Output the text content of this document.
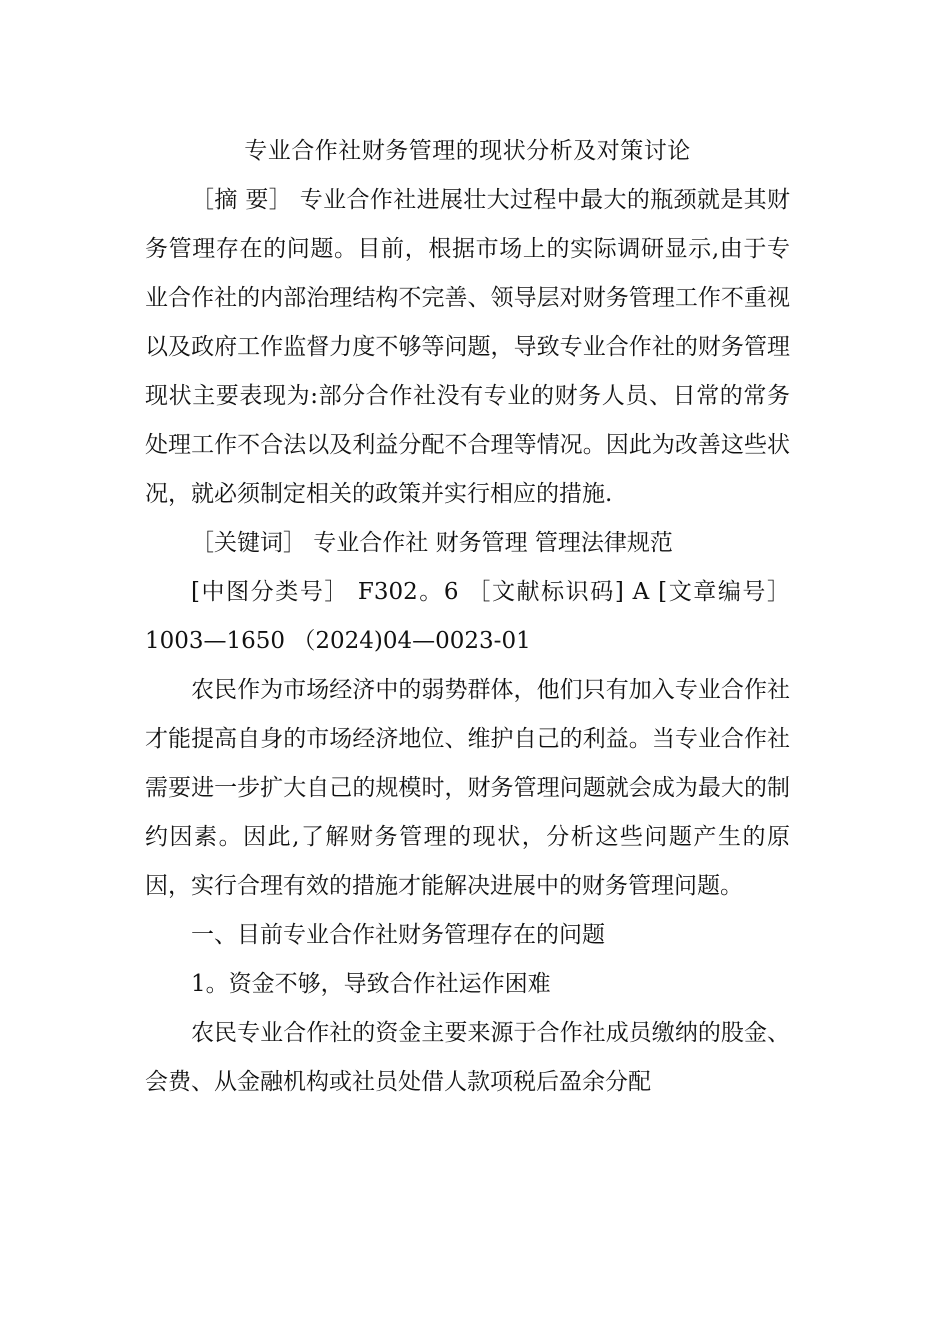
专业合作社财务管理的现状分析及对策讨论

［摘 要］ 专业合作社进展壮大过程中最大的瓶颈就是其财务管理存在的问题。目前，根据市场上的实际调研显示,由于专业合作社的内部治理结构不完善、领导层对财务管理工作不重视以及政府工作监督力度不够等问题，导致专业合作社的财务管理现状主要表现为:部分合作社没有专业的财务人员、日常的常务处理工作不合法以及利益分配不合理等情况。因此为改善这些状况，就必须制定相关的政策并实行相应的措施.

［关键词］ 专业合作社 财务管理 管理法律规范

[中图分类号］ F302。6 ［文献标识码] A [文章编号］ 1003—1650 （2024)04—0023-01

农民作为市场经济中的弱势群体，他们只有加入专业合作社才能提高自身的市场经济地位、维护自己的利益。当专业合作社需要进一步扩大自己的规模时，财务管理问题就会成为最大的制约因素。因此,了解财务管理的现状，分析这些问题产生的原因，实行合理有效的措施才能解决进展中的财务管理问题。

一、目前专业合作社财务管理存在的问题

1。资金不够，导致合作社运作困难

农民专业合作社的资金主要来源于合作社成员缴纳的股金、会费、从金融机构或社员处借人款项税后盈余分配
